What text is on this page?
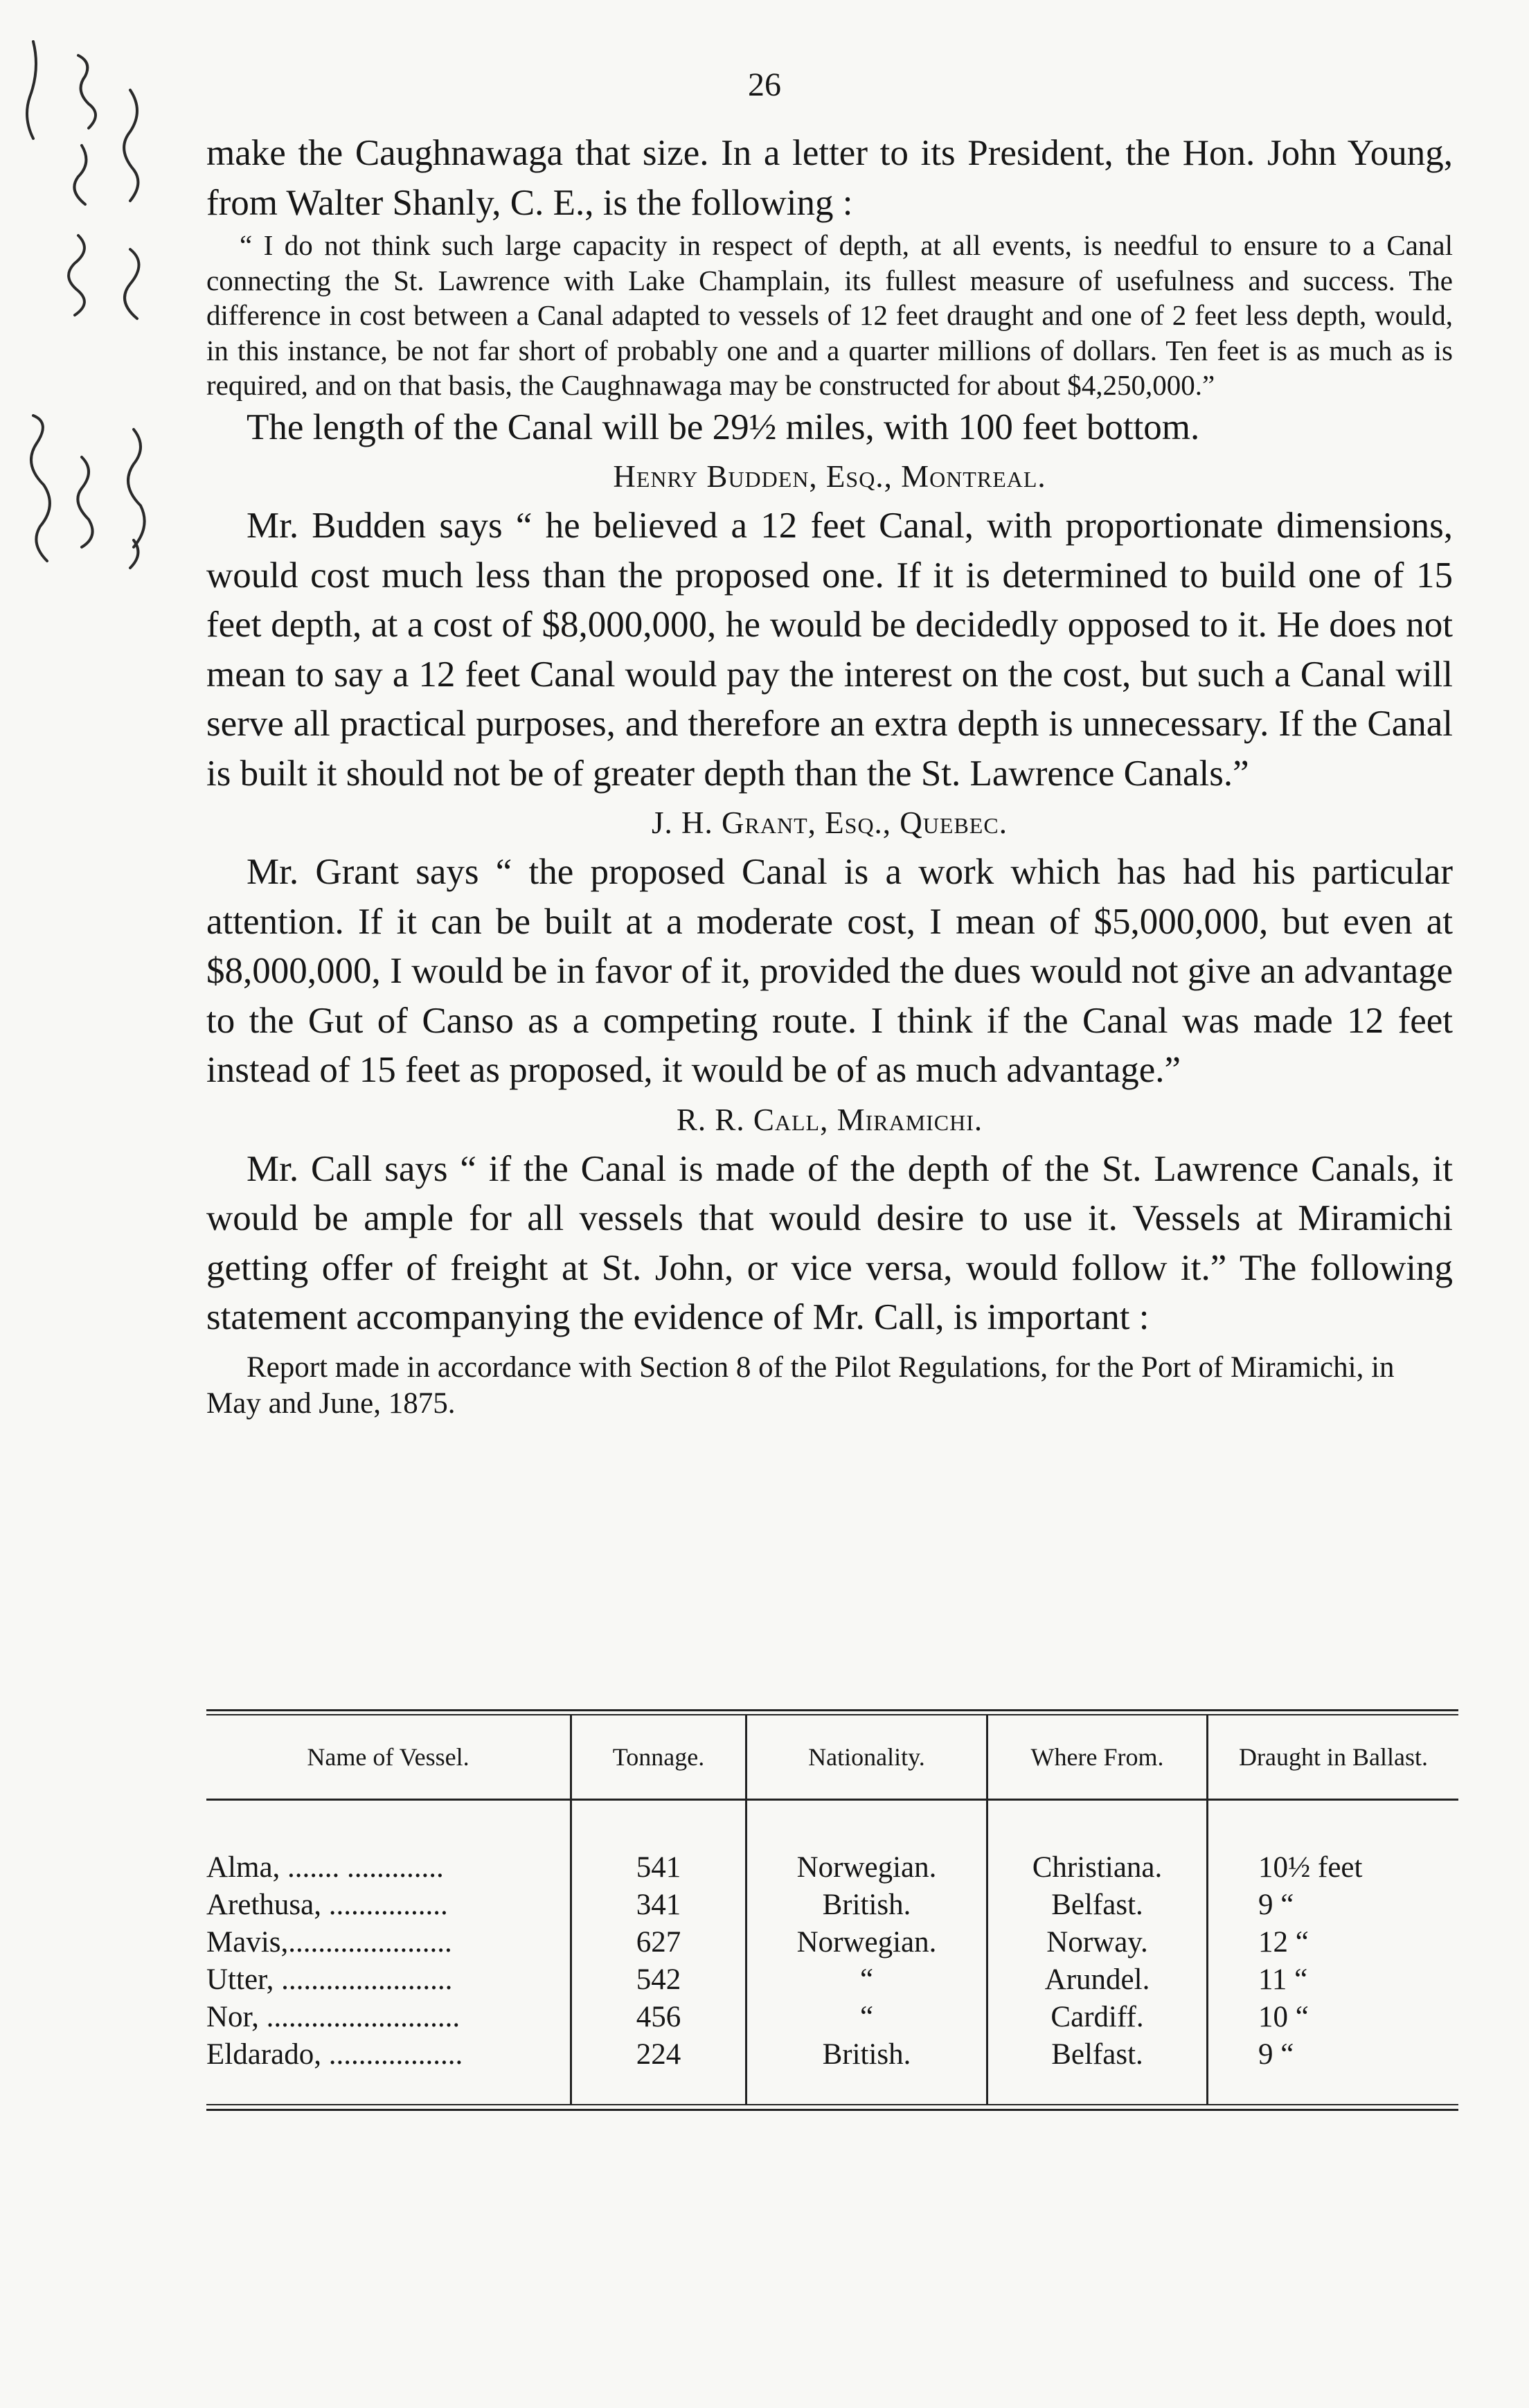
26

make the Caughnawaga that size. In a letter to its President, the Hon. John Young, from Walter Shanly, C. E., is the following :

“ I do not think such large capacity in respect of depth, at all events, is needful to ensure to a Canal connecting the St. Lawrence with Lake Champlain, its fullest measure of usefulness and success. The difference in cost between a Canal adapted to vessels of 12 feet draught and one of 2 feet less depth, would, in this instance, be not far short of probably one and a quarter millions of dollars. Ten feet is as much as is required, and on that basis, the Caughnawaga may be constructed for about $4,250,000.”

The length of the Canal will be 29½ miles, with 100 feet bottom.

Henry Budden, Esq., Montreal.

Mr. Budden says “ he believed a 12 feet Canal, with proportionate dimensions, would cost much less than the proposed one. If it is determined to build one of 15 feet depth, at a cost of $8,000,000, he would be decidedly opposed to it. He does not mean to say a 12 feet Canal would pay the interest on the cost, but such a Canal will serve all practical purposes, and therefore an extra depth is unnecessary. If the Canal is built it should not be of greater depth than the St. Lawrence Canals.”

J. H. Grant, Esq., Quebec.

Mr. Grant says “ the proposed Canal is a work which has had his particular attention. If it can be built at a moderate cost, I mean of $5,000,000, but even at $8,000,000, I would be in favor of it, provided the dues would not give an advantage to the Gut of Canso as a competing route. I think if the Canal was made 12 feet instead of 15 feet as proposed, it would be of as much advantage.”

R. R. Call, Miramichi.

Mr. Call says “ if the Canal is made of the depth of the St. Lawrence Canals, it would be ample for all vessels that would desire to use it. Vessels at Miramichi getting offer of freight at St. John, or vice versa, would follow it.” The following statement accompanying the evidence of Mr. Call, is important :

Report made in accordance with Section 8 of the Pilot Regulations, for the Port of Miramichi, in May and June, 1875.

Name of Vessel.	Tonnage.	Nationality.	Where From.	Draught in Ballast.

Alma, ....... .............	541	Norwegian.	Christiana.	10½ feet
Arethusa, ................	341	British.	Belfast.	9 “
Mavis,......................	627	Norwegian.	Norway.	12 “
Utter, .......................	542	“	Arundel.	11 “
Nor, ..........................	456	“	Cardiff.	10 “
Eldarado, ..................	224	British.	Belfast.	9 “
